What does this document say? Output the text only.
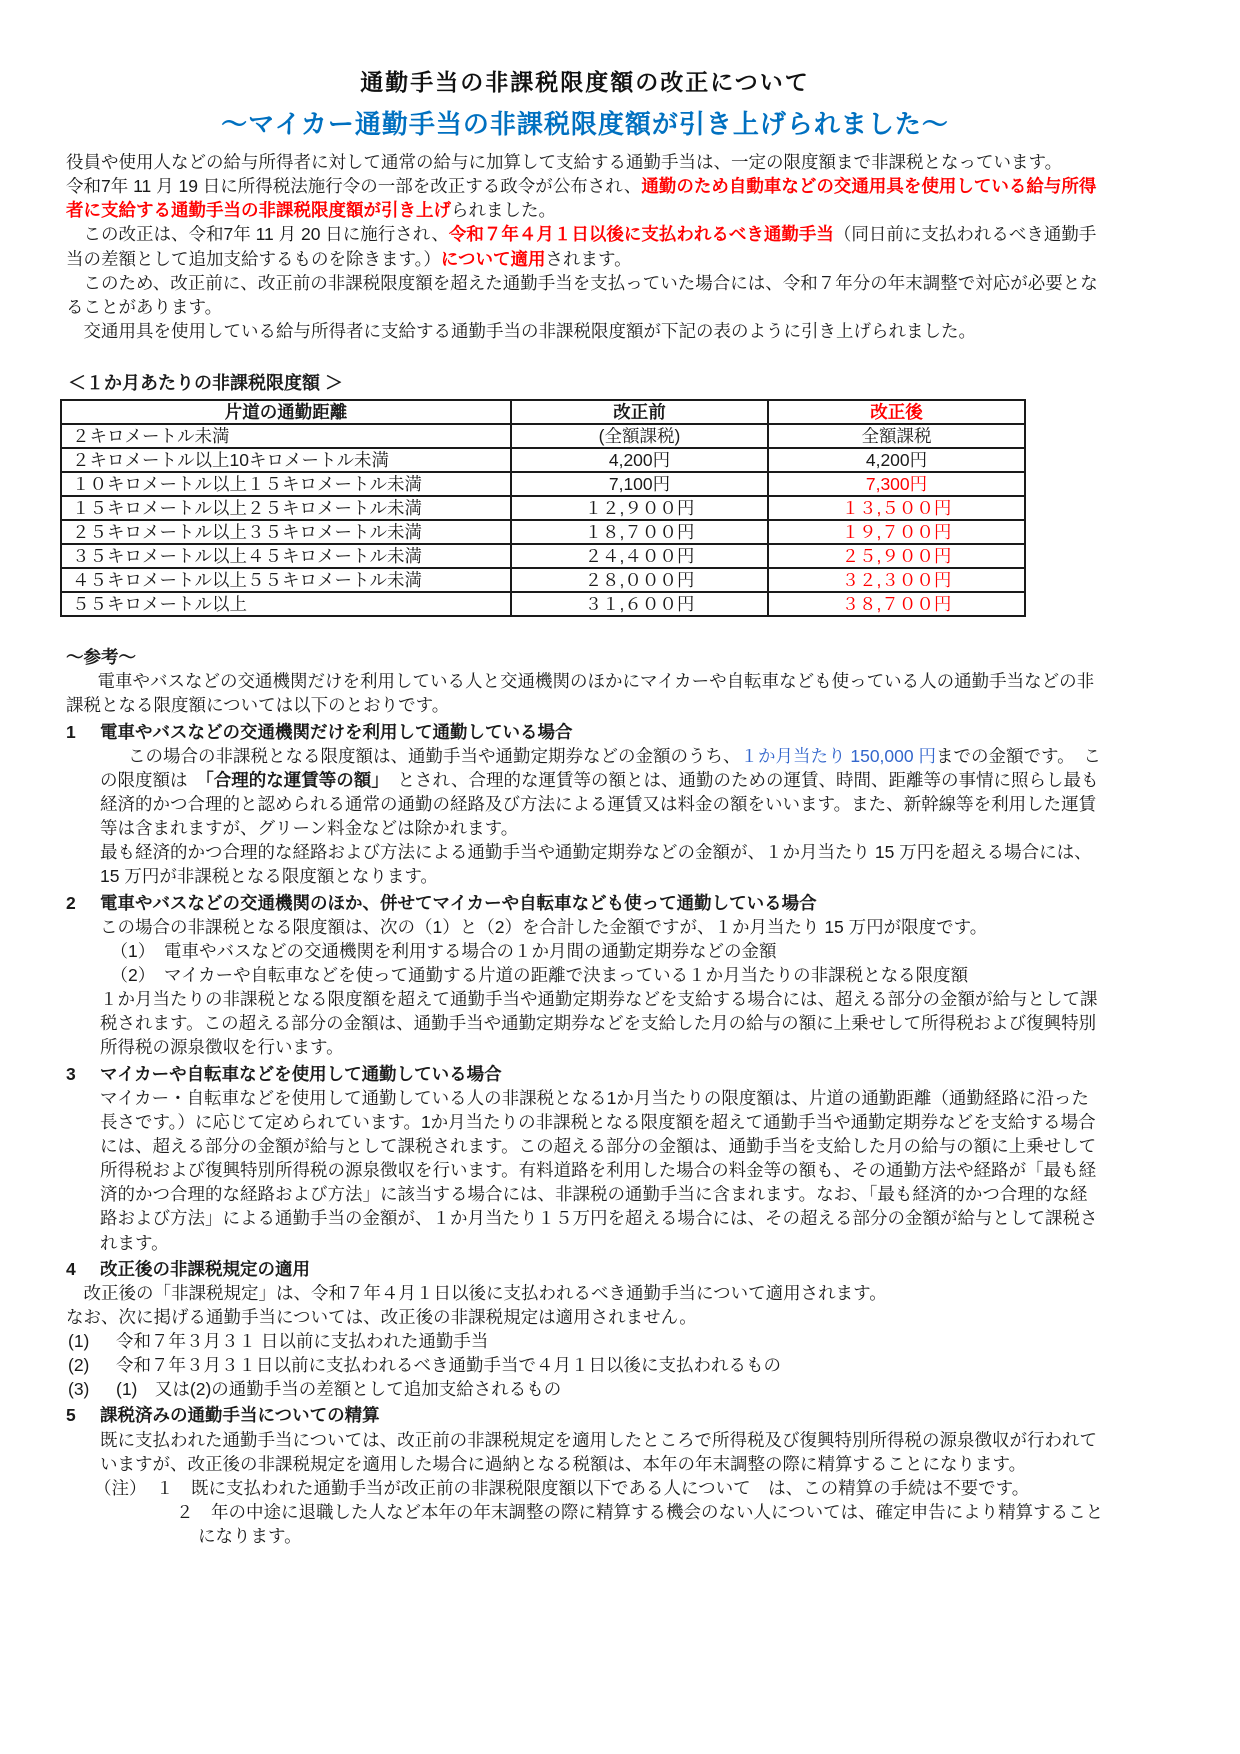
通勤手当の非課税限度額の改正について
～マイカー通勤手当の非課税限度額が引き上げられました～

役員や使用人などの給与所得者に対して通常の給与に加算して支給する通勤手当は、一定の限度額まで非課税となっています。

令和7年 11 月 19 日に所得税法施行令の一部を改正する政令が公布され、通勤のため自動車などの交通用具を使用している給与所得者に支給する通勤手当の非課税限度額が引き上げられました。

　この改正は、令和7年 11 月 20 日に施行され、令和７年４月１日以後に支払われるべき通勤手当（同日前に支払われるべき通勤手当の差額として追加支給するものを除きます。）について適用されます。

　このため、改正前に、改正前の非課税限度額を超えた通勤手当を支払っていた場合には、令和７年分の年末調整で対応が必要となることがあります。

　交通用具を使用している給与所得者に支給する通勤手当の非課税限度額が下記の表のように引き上げられました。

＜１か月あたりの非課税限度額 ＞
片道の通勤距離	改正前	改正後
２キロメートル未満	(全額課税)	全額課税
２キロメートル以上10キロメートル未満	4,200円	4,200円
１０キロメートル以上１５キロメートル未満	7,100円	7,300円
１５キロメートル以上２５キロメートル未満	１２,９００円	１３,５００円
２５キロメートル以上３５キロメートル未満	１８,７００円	１９,７００円
３５キロメートル以上４５キロメートル未満	２４,４００円	２５,９００円
４５キロメートル以上５５キロメートル未満	２８,０００円	３２,３００円
５５キロメートル以上	３１,６００円	３８,７００円
～参考～

電車やバスなどの交通機関だけを利用している人と交通機関のほかにマイカーや自転車なども使っている人の通勤手当などの非課税となる限度額については以下のとおりです。

1	電車やバスなどの交通機関だけを利用して通勤している場合

この場合の非課税となる限度額は、通勤手当や通勤定期券などの金額のうち、１か月当たり 150,000 円までの金額です。　この限度額は　「合理的な運賃等の額」　とされ、合理的な運賃等の額とは、通勤のための運賃、時間、距離等の事情に照らし最も経済的かつ合理的と認められる通常の通勤の経路及び方法による運賃又は料金の額をいいます。また、新幹線等を利用した運賃等は含まれますが、グリーン料金などは除かれます。

最も経済的かつ合理的な経路および方法による通勤手当や通勤定期券などの金額が、１か月当たり 15 万円を超える場合には、15 万円が非課税となる限度額となります。

2	電車やバスなどの交通機関のほか、併せてマイカーや自転車なども使って通勤している場合

この場合の非課税となる限度額は、次の（1）と（2）を合計した金額ですが、１か月当たり 15 万円が限度です。

（1）　電車やバスなどの交通機関を利用する場合の１か月間の通勤定期券などの金額

（2）　マイカーや自転車などを使って通勤する片道の距離で決まっている１か月当たりの非課税となる限度額

１か月当たりの非課税となる限度額を超えて通勤手当や通勤定期券などを支給する場合には、超える部分の金額が給与として課税されます。この超える部分の金額は、通勤手当や通勤定期券などを支給した月の給与の額に上乗せして所得税および復興特別所得税の源泉徴収を行います。

3	マイカーや自転車などを使用して通勤している場合

マイカー・自転車などを使用して通勤している人の非課税となる1か月当たりの限度額は、片道の通勤距離（通勤経路に沿った長さです。）に応じて定められています。1か月当たりの非課税となる限度額を超えて通勤手当や通勤定期券などを支給する場合には、超える部分の金額が給与として課税されます。この超える部分の金額は、通勤手当を支給した月の給与の額に上乗せして所得税および復興特別所得税の源泉徴収を行います。有料道路を利用した場合の料金等の額も、その通勤方法や経路が「最も経済的かつ合理的な経路および方法」に該当する場合には、非課税の通勤手当に含まれます。なお、「最も経済的かつ合理的な経路および方法」による通勤手当の金額が、１か月当たり１５万円を超える場合には、その超える部分の金額が給与として課税されます。

4	改正後の非課税規定の適用

　改正後の「非課税規定」は、令和７年４月１日以後に支払われるべき通勤手当について適用されます。

なお、次に掲げる通勤手当については、改正後の非課税規定は適用されません。

(1)	令和７年３月３１ 日以前に支払われた通勤手当
(2)	令和７年３月３１日以前に支払われるべき通勤手当で４月１日以後に支払われるもの
(3)	(1)　又は(2)の通勤手当の差額として追加支給されるもの
5	課税済みの通勤手当についての精算

既に支払われた通勤手当については、改正前の非課税規定を適用したところで所得税及び復興特別所得税の源泉徴収が行われていますが、改正後の非課税規定を適用した場合に過納となる税額は、本年の年末調整の際に精算することになります。

（注） １　 既に支払われた通勤手当が改正前の非課税限度額以下である人について　は、この精算の手続は不要です。

２　 年の中途に退職した人など本年の年末調整の際に精算する機会のない人については、確定申告により精算することになります。
